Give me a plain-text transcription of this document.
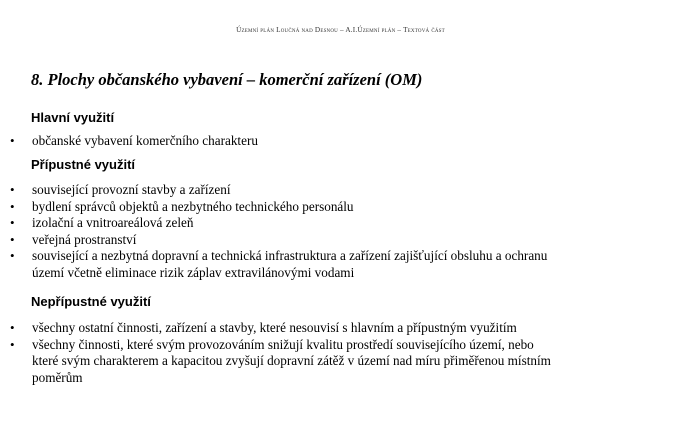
Územní plán Loučná nad Desnou – A.I.Územní plán – Textová část
8. Plochy občanského vybavení – komerční zařízení (OM)
Hlavní využití
• občanské vybavení komerčního charakteru
Přípustné využití
• související provozní stavby a zařízení
• bydlení správců objektů a nezbytného technického personálu
• izolační a vnitroareálová zeleň
• veřejná prostranství
• související a nezbytná dopravní a technická infrastruktura a zařízení zajišťující obsluhu a ochranu
území včetně eliminace rizik záplav extravilánovými vodami
Nepřípustné využití
• všechny ostatní činnosti, zařízení a stavby, které nesouvisí s hlavním a přípustným využitím
• všechny činnosti, které svým provozováním snižují kvalitu prostředí souvisejícího území, nebo
které svým charakterem a kapacitou zvyšují dopravní zátěž v území nad míru přiměřenou místním
poměrům
